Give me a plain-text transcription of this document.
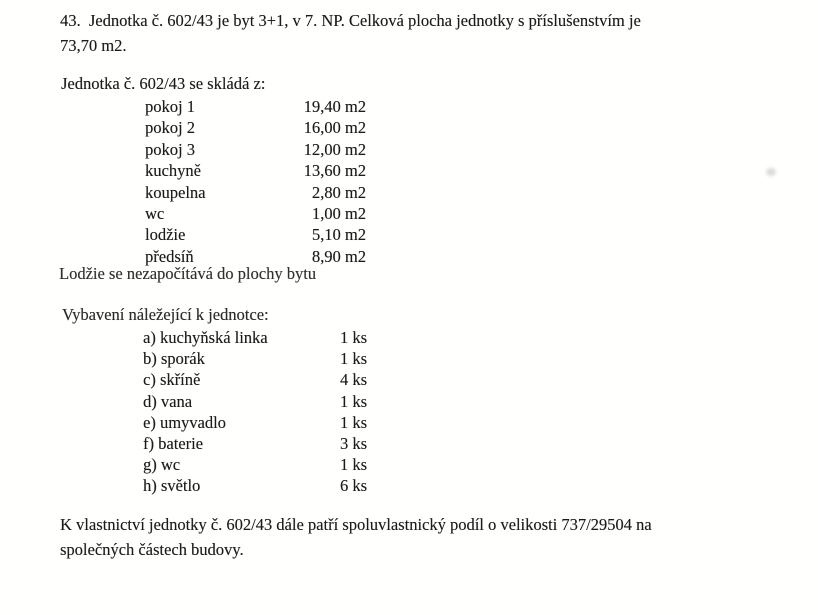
43.  Jednotka č. 602/43 je byt 3+1, v 7. NP. Celková plocha jednotky s příslušenstvím je
73,70 m2.

Jednotka č. 602/43 se skládá z:
pokoj 1	19,40 m2
pokoj 2	16,00 m2
pokoj 3	12,00 m2
kuchyně	13,60 m2
koupelna	2,80 m2
wc	1,00 m2
lodžie	5,10 m2
předsíň	8,90 m2
Lodžie se nezapočítává do plochy bytu
Vybavení náležející k jednotce:
a) kuchyňská linka	1 ks
b) sporák	1 ks
c) skříně	4 ks
d) vana	1 ks
e) umyvadlo	1 ks
f) baterie	3 ks
g) wc	1 ks
h) světlo	6 ks

K vlastnictví jednotky č. 602/43 dále patří spoluvlastnický podíl o velikosti 737/29504 na
společných částech budovy.
